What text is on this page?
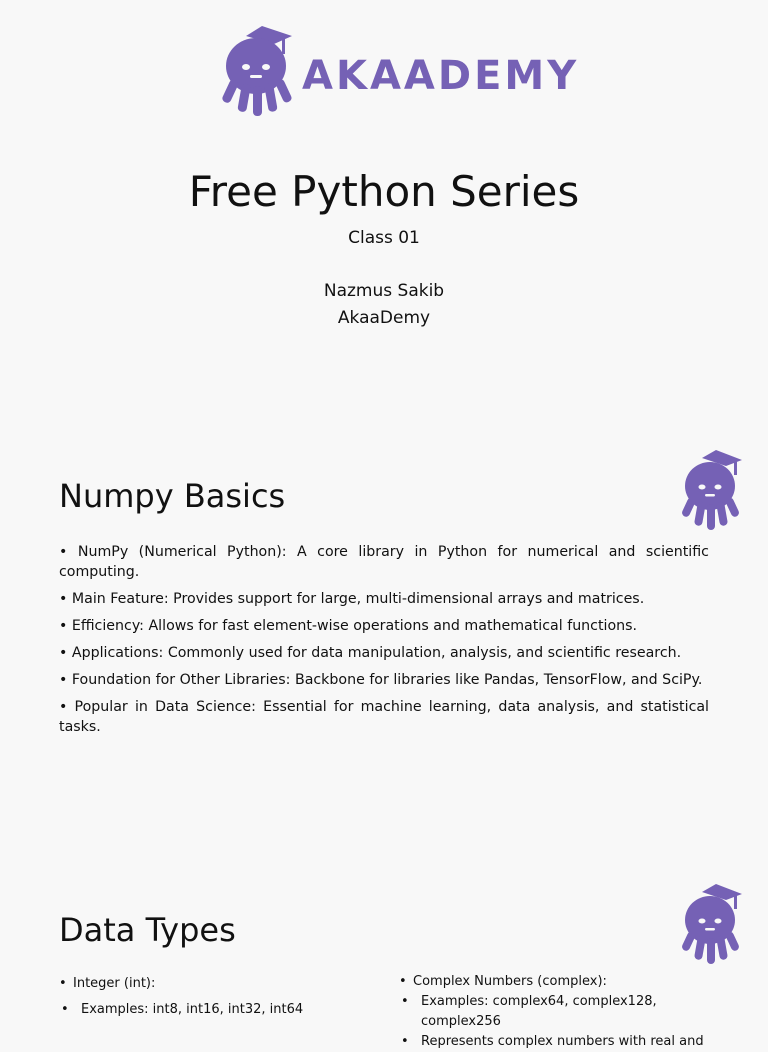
AKAADEMY
Free Python Series
Class 01
Nazmus Sakib
AkaaDemy
Numpy Basics
• NumPy (Numerical Python): A core library in Python for numerical and scientific computing.
• Main Feature: Provides support for large, multi-dimensional arrays and matrices.
• Efficiency: Allows for fast element-wise operations and mathematical functions.
• Applications: Commonly used for data manipulation, analysis, and scientific research.
• Foundation for Other Libraries: Backbone for libraries like Pandas, TensorFlow, and SciPy.
• Popular in Data Science: Essential for machine learning, data analysis, and statistical tasks.
Data Types
• Integer (int):
• Examples: int8, int16, int32, int64
• Complex Numbers (complex):
• Examples: complex64, complex128, complex256
• Represents complex numbers with real and
